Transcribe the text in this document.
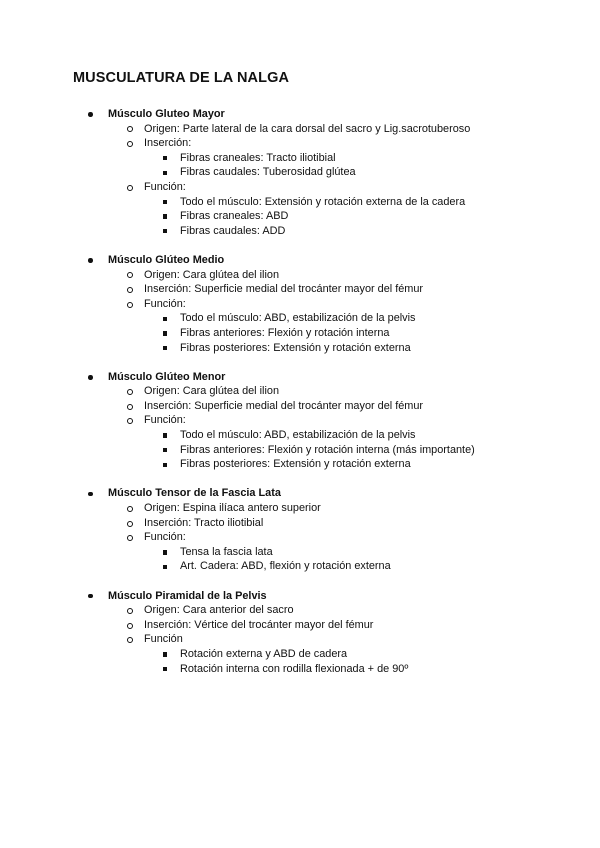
MUSCULATURA DE LA NALGA
Músculo Gluteo Mayor
Origen: Parte lateral de la cara dorsal del sacro y Lig.sacrotuberoso
Inserción:
Fibras craneales: Tracto iliotibial
Fibras caudales: Tuberosidad glútea
Función:
Todo el músculo: Extensión y rotación externa de la cadera
Fibras craneales: ABD
Fibras caudales: ADD
Músculo Glúteo Medio
Origen: Cara glútea del ilion
Inserción: Superficie medial del trocánter mayor del fémur
Función:
Todo el músculo: ABD, estabilización de la pelvis
Fibras anteriores: Flexión y rotación interna
Fibras posteriores: Extensión y rotación externa
Músculo Glúteo Menor
Origen: Cara glútea del ilion
Inserción: Superficie medial del trocánter mayor del fémur
Función:
Todo el músculo: ABD, estabilización de la pelvis
Fibras anteriores: Flexión y rotación interna (más importante)
Fibras posteriores: Extensión y rotación externa
Músculo Tensor de la Fascia Lata
Origen: Espina ilíaca antero superior
Inserción: Tracto iliotibial
Función:
Tensa la fascia lata
Art. Cadera: ABD, flexión y rotación externa
Músculo Piramidal de la Pelvis
Origen: Cara anterior del sacro
Inserción: Vértice del trocánter mayor del fémur
Función
Rotación externa y ABD de cadera
Rotación interna con rodilla flexionada + de 90º
